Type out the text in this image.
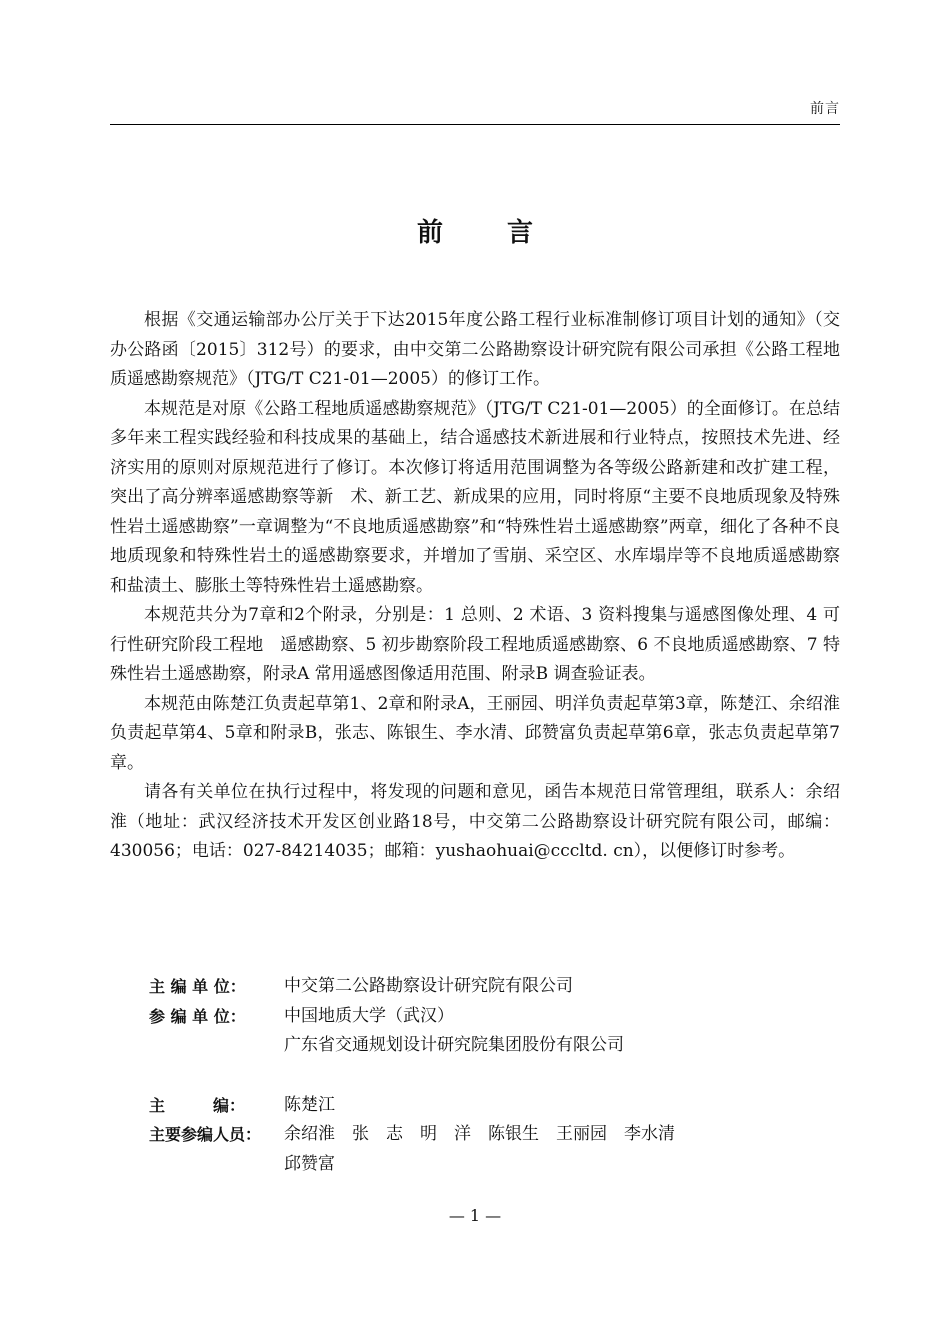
前言
前 言

根据《交通运输部办公厅关于下达2015年度公路工程行业标准制修订项目计划的通知》（交办公路函〔2015〕312号）的要求，由中交第二公路勘察设计研究院有限公司承担《公路工程地质遥感勘察规范》（JTG/T C21-01—2005）的修订工作。

本规范是对原《公路工程地质遥感勘察规范》（JTG/T C21-01—2005）的全面修订。在总结多年来工程实践经验和科技成果的基础上，结合遥感技术新进展和行业特点，按照技术先进、经济实用的原则对原规范进行了修订。本次修订将适用范围调整为各等级公路新建和改扩建工程，突出了高分辨率遥感勘察等新　术、新工艺、新成果的应用，同时将原“主要不良地质现象及特殊性岩土遥感勘察”一章调整为“不良地质遥感勘察”和“特殊性岩土遥感勘察”两章，细化了各种不良地质现象和特殊性岩土的遥感勘察要求，并增加了雪崩、采空区、水库塌岸等不良地质遥感勘察和盐渍土、膨胀土等特殊性岩土遥感勘察。

本规范共分为7章和2个附录，分别是：1 总则、2 术语、3 资料搜集与遥感图像处理、4 可行性研究阶段工程地　遥感勘察、5 初步勘察阶段工程地质遥感勘察、6 不良地质遥感勘察、7 特殊性岩土遥感勘察，附录A 常用遥感图像适用范围、附录B 调查验证表。

本规范由陈楚江负责起草第1、2章和附录A，王丽园、明洋负责起草第3章，陈楚江、余绍淮负责起草第4、5章和附录B，张志、陈银生、李水清、邱赞富负责起草第6章，张志负责起草第7章。

请各有关单位在执行过程中，将发现的问题和意见，函告本规范日常管理组，联系人：余绍淮（地址：武汉经济技术开发区创业路18号，中交第二公路勘察设计研究院有限公司，邮编：430056；电话：027-84214035；邮箱：yushaohuai@cccltd. cn），以便修订时参考。

主 编 单 位：	中交第二公路勘察设计研究院有限公司
参 编 单 位：	中国地质大学（武汉）
广东省交通规划设计研究院集团股份有限公司
主　　　编：	陈楚江
主要参编人员：	余绍淮　张　志　明　洋　陈银生　王丽园　李水清
邱赞富
— 1 —
